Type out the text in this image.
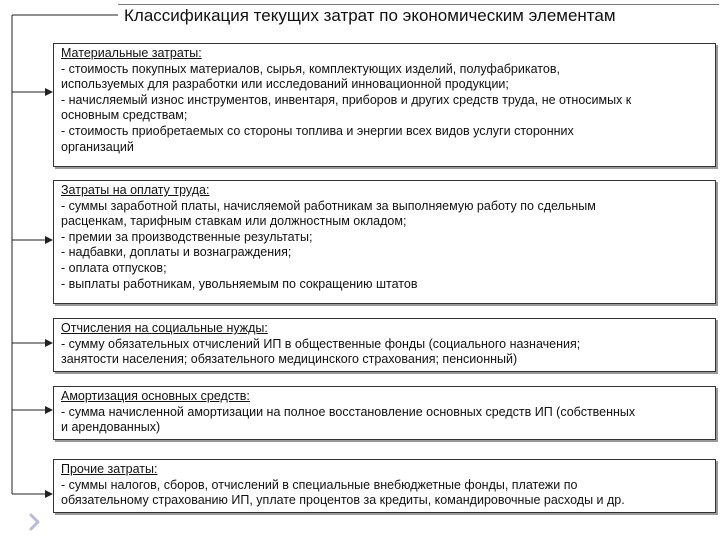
Классификация текущих затрат по экономическим элементам
Материальные затраты:
- стоимость покупных материалов, сырья, комплектующих изделий, полуфабрикатов,
используемых для разработки или исследований инновационной продукции;
- начисляемый износ инструментов, инвентаря, приборов и других средств труда, не относимых к
основным средствам;
- стоимость приобретаемых со стороны топлива и энергии всех видов услуги сторонних
организаций
Затраты на оплату труда:
- суммы заработной платы, начисляемой работникам за выполняемую работу по сдельным
расценкам, тарифным ставкам или должностным окладом;
- премии за производственные результаты;
- надбавки, доплаты и вознаграждения;
- оплата отпусков;
- выплаты работникам, увольняемым по сокращению штатов
Отчисления на социальные нужды:
- сумму обязательных отчислений ИП в общественные фонды (социального назначения;
занятости населения; обязательного медицинского страхования; пенсионный)
Амортизация основных средств:
- сумма начисленной амортизации на полное восстановление основных средств ИП (собственных
и арендованных)
Прочие затраты:
- суммы налогов, сборов, отчислений в специальные внебюджетные фонды, платежи по
обязательному страхованию ИП, уплате процентов за кредиты, командировочные расходы и др.
